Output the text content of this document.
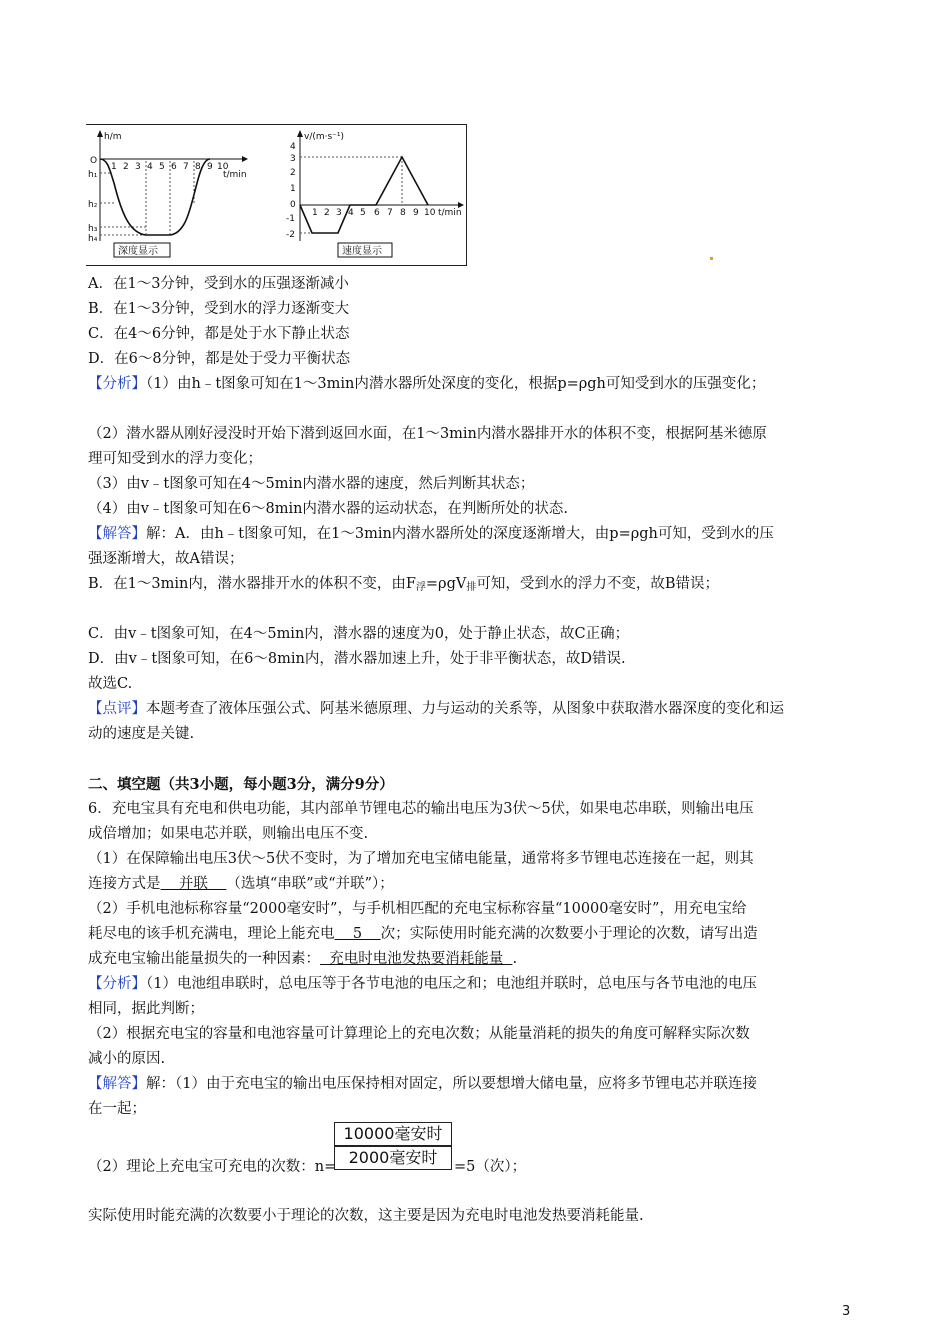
h/m
O
1 2 3 4 5 6 7 8 9 10
t/min
h₁
h₂
h₃
h₄
深度显示
v/(m·s⁻¹)
4
3
2
1
0
-1
-2
1 2 3 4 5 6 7 8 9 10 t/min
速度显示
A．在1～3分钟，受到水的压强逐渐减小
B．在1～3分钟，受到水的浮力逐渐变大
C．在4～6分钟，都是处于水下静止状态
D．在6～8分钟，都是处于受力平衡状态
【分析】（1）由h﹣t图象可知在1～3min内潜水器所处深度的变化，根据p=ρgh可知受到水的压强变化；
（2）潜水器从刚好浸没时开始下潜到返回水面，在1～3min内潜水器排开水的体积不变，根据阿基米德原
理可知受到水的浮力变化；
（3）由v﹣t图象可知在4～5min内潜水器的速度，然后判断其状态；
（4）由v﹣t图象可知在6～8min内潜水器的运动状态，在判断所处的状态.
【解答】解：A．由h﹣t图象可知，在1～3min内潜水器所处的深度逐渐增大，由p=ρgh可知，受到水的压
强逐渐增大，故A错误；
B．在1～3min内，潜水器排开水的体积不变，由$F_浮=\rho gV_排$可知，受到水的浮力不变，故B错误；
C．由v﹣t图象可知，在4～5min内，潜水器的速度为0，处于静止状态，故C正确；
D．由v﹣t图象可知，在6～8min内，潜水器加速上升，处于非平衡状态，故D错误.
故选C.
【点评】本题考查了液体压强公式、阿基米德原理、力与运动的关系等，从图象中获取潜水器深度的变化和运
动的速度是关键.
二、填空题（共3小题，每小题3分，满分9分）
6．充电宝具有充电和供电功能，其内部单节锂电芯的输出电压为3伏～5伏，如果电芯串联，则输出电压
成倍增加；如果电芯并联，则输出电压不变.
（1）在保障输出电压3伏～5伏不变时，为了增加充电宝储电能量，通常将多节锂电芯连接在一起，则其
连接方式是    并联    （选填“串联”或“并联”）；
（2）手机电池标称容量“2000毫安时”，与手机相匹配的充电宝标称容量“10000毫安时”，用充电宝给
耗尽电的该手机充满电，理论上能充电    5    次；实际使用时能充满的次数要小于理论的次数，请写出造
成充电宝输出能量损失的一种因素：  充电时电池发热要消耗能量  .
【分析】（1）电池组串联时，总电压等于各节电池的电压之和；电池组并联时，总电压与各节电池的电压
相同，据此判断；
（2）根据充电宝的容量和电池容量可计算理论上的充电次数；从能量消耗的损失的角度可解释实际次数
减小的原因.
【解答】解：（1）由于充电宝的输出电压保持相对固定，所以要想增大储电量，应将多节锂电芯并联连接
在一起；
（2）理论上充电宝可充电的次数：n=
10000毫安时
2000毫安时	=5（次）；
实际使用时能充满的次数要小于理论的次数，这主要是因为充电时电池发热要消耗能量.
3
